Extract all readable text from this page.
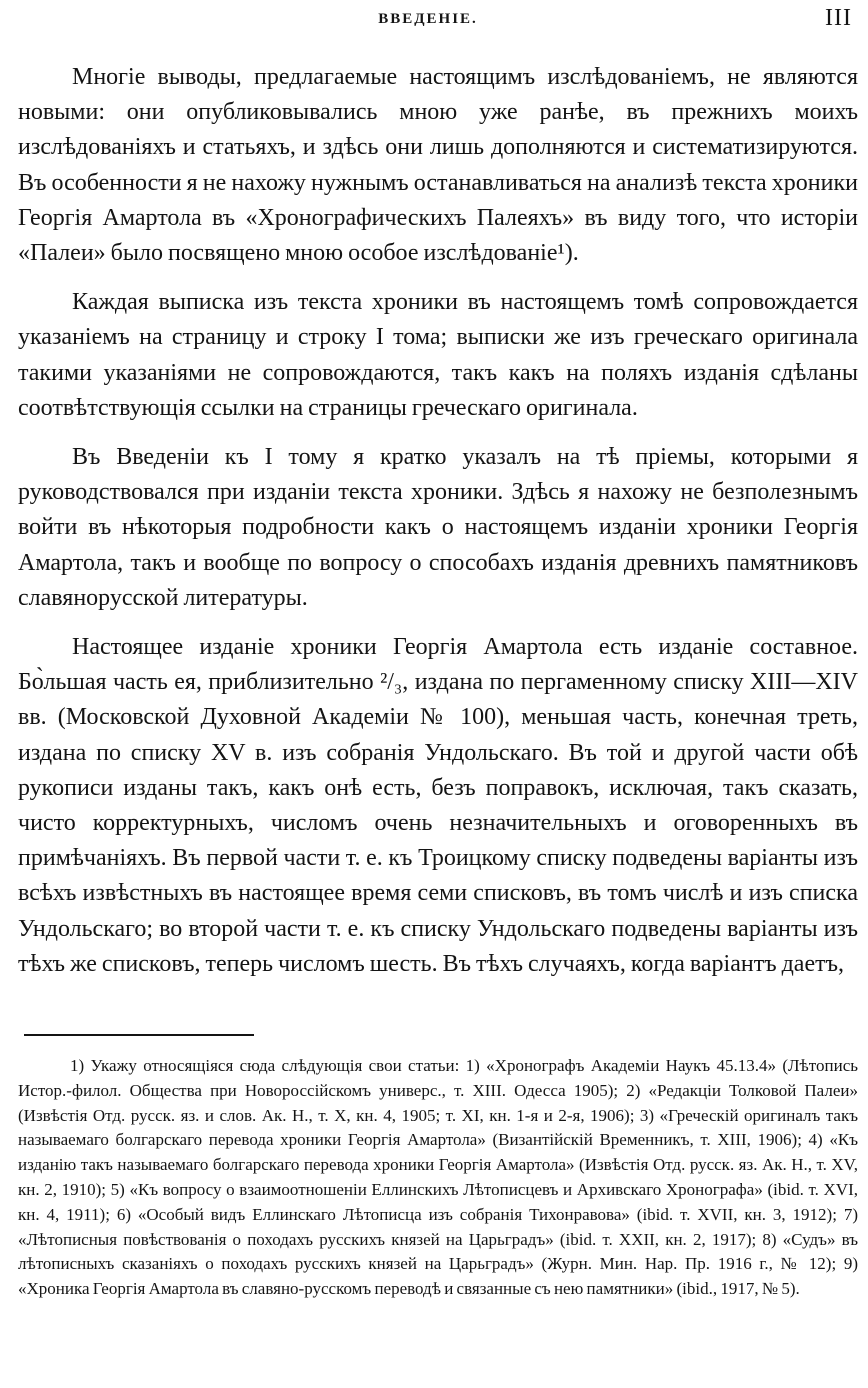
ВВЕДЕНIЕ.	III

Многiе выводы, предлагаемые настоящимъ изслѣдованiемъ, не являются новыми: они опубликовывались мною уже ранѣе, въ прежнихъ моихъ изслѣдованiяхъ и статьяхъ, и здѣсь они лишь дополняются и систематизируются. Въ особенности я не нахожу нужнымъ останавливаться на анализѣ текста хроники Георгiя Амартола въ «Хронографическихъ Палеяхъ» въ виду того, что исторiи «Палеи» было посвящено мною особое изслѣдованiе¹).

Каждая выписка изъ текста хроники въ настоящемъ томѣ сопровождается указанiемъ на страницу и строку I тома; выписки же изъ греческаго оригинала такими указанiями не сопровождаются, такъ какъ на поляхъ изданiя сдѣланы соотвѣтствующiя ссылки на страницы греческаго оригинала.

Въ Введенiи къ I тому я кратко указалъ на тѣ прiемы, которыми я руководствовался при изданiи текста хроники. Здѣсь я нахожу не безполезнымъ войти въ нѣкоторыя подробности какъ о настоящемъ изданiи хроники Георгiя Амартола, такъ и вообще по вопросу о способахъ изданiя древнихъ памятниковъ славянорусской литературы.

Настоящее изданiе хроники Георгiя Амартола есть изданiе составное. Бо̀льшая часть ея, приблизительно ²/₃, издана по пергаменному списку XIII—XIV вв. (Московской Духовной Академiи № 100), меньшая часть, конечная треть, издана по списку XV в. изъ собранiя Ундольскаго. Въ той и другой части обѣ рукописи изданы такъ, какъ онѣ есть, безъ поправокъ, исключая, такъ сказать, чисто корректурныхъ, числомъ очень незначительныхъ и оговоренныхъ въ примѣчанiяхъ. Въ первой части т. е. къ Троицкому списку подведены варiанты изъ всѣхъ извѣстныхъ въ настоящее время семи списковъ, въ томъ числѣ и изъ списка Ундольскаго; во второй части т. е. къ списку Ундольскаго подведены варiанты изъ тѣхъ же списковъ, теперь числомъ шесть. Въ тѣхъ случаяхъ, когда варiантъ даетъ,

1) Укажу относящiяся сюда слѣдующiя свои статьи: 1) «Хронографъ Академiи Наукъ 45.13.4» (Лѣтопись Истор.-филол. Общества при Новороссiйскомъ универс., т. XIII. Одесса 1905); 2) «Редакцiи Толковой Палеи» (Извѣстiя Отд. русск. яз. и слов. Ак. Н., т. X, кн. 4, 1905; т. XI, кн. 1-я и 2-я, 1906); 3) «Греческiй оригиналъ такъ называемаго болгарскаго перевода хроники Георгiя Амартола» (Византiйскiй Временникъ, т. XIII, 1906); 4) «Къ изданiю такъ называемаго болгарскаго перевода хроники Георгiя Амартола» (Извѣстiя Отд. русск. яз. Ак. Н., т. XV, кн. 2, 1910); 5) «Къ вопросу о взаимоотношенiи Еллинскихъ Лѣтописцевъ и Архивскаго Хронографа» (ibid. т. XVI, кн. 4, 1911); 6) «Особый видъ Еллинскаго Лѣтописца изъ собранiя Тихонравова» (ibid. т. XVII, кн. 3, 1912); 7) «Лѣтописныя повѣствованiя о походахъ русскихъ князей на Царьградъ» (ibid. т. XXII, кн. 2, 1917); 8) «Судъ» въ лѣтописныхъ сказанiяхъ о походахъ русскихъ князей на Царьградъ» (Журн. Мин. Нар. Пр. 1916 г., № 12); 9) «Хроника Георгiя Амартола въ славяно-русскомъ переводѣ и связанные съ нею памятники» (ibid., 1917, № 5).
